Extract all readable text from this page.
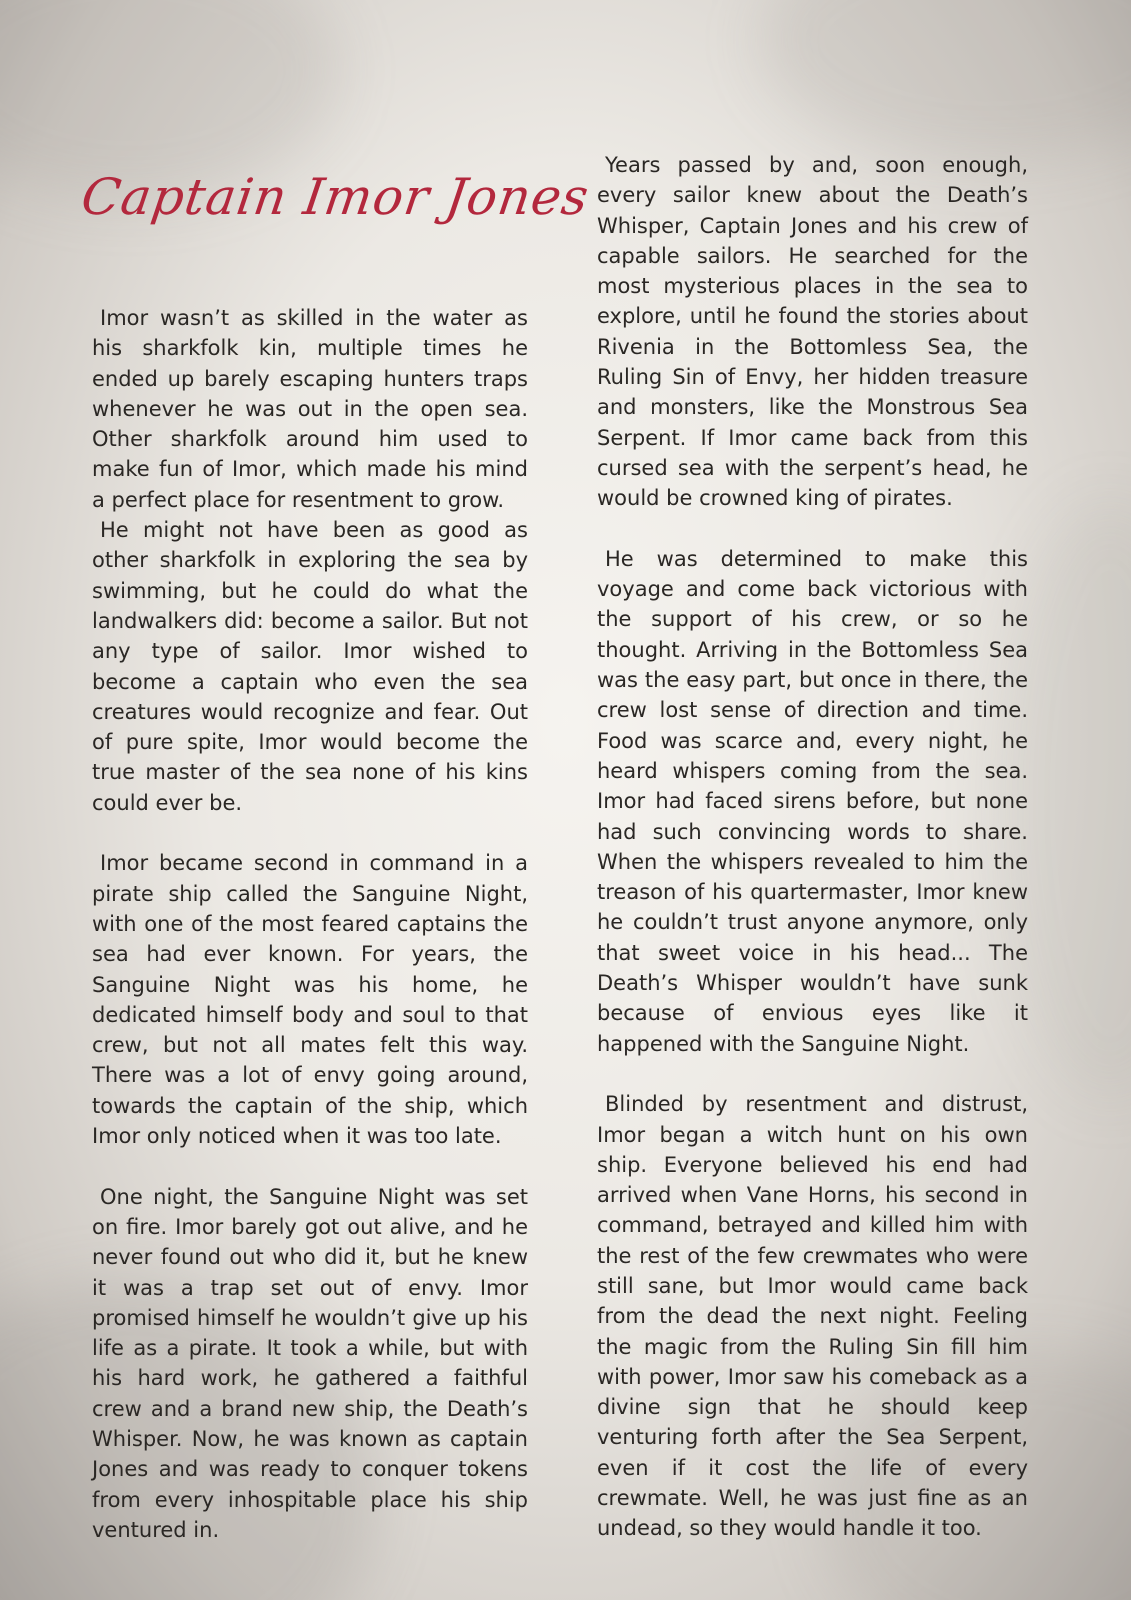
Captain Imor Jones

Imor wasn’t as skilled in the water as his sharkfolk kin, multiple times he ended up barely escaping hunters traps whenever he was out in the open sea. Other sharkfolk around him used to make fun of Imor, which made his mind a perfect place for resentment to grow.

He might not have been as good as other sharkfolk in exploring the sea by swimming, but he could do what the landwalkers did: become a sailor. But not any type of sailor. Imor wished to become a captain who even the sea creatures would recognize and fear. Out of pure spite, Imor would become the true master of the sea none of his kins could ever be.

Imor became second in command in a pirate ship called the Sanguine Night, with one of the most feared captains the sea had ever known. For years, the Sanguine Night was his home, he dedicated himself body and soul to that crew, but not all mates felt this way. There was a lot of envy going around, towards the captain of the ship, which Imor only noticed when it was too late.

One night, the Sanguine Night was set on fire. Imor barely got out alive, and he never found out who did it, but he knew it was a trap set out of envy. Imor promised himself he wouldn’t give up his life as a pirate. It took a while, but with his hard work, he gathered a faithful crew and a brand new ship, the Death’s Whisper. Now, he was known as captain Jones and was ready to conquer tokens from every inhospitable place his ship ventured in.

Years passed by and, soon enough, every sailor knew about the Death’s Whisper, Captain Jones and his crew of capable sailors. He searched for the most mysterious places in the sea to explore, until he found the stories about Rivenia in the Bottomless Sea, the Ruling Sin of Envy, her hidden treasure and monsters, like the Monstrous Sea Serpent. If Imor came back from this cursed sea with the serpent’s head, he would be crowned king of pirates.

He was determined to make this voyage and come back victorious with the support of his crew, or so he thought. Arriving in the Bottomless Sea was the easy part, but once in there, the crew lost sense of direction and time. Food was scarce and, every night, he heard whispers coming from the sea. Imor had faced sirens before, but none had such convincing words to share. When the whispers revealed to him the treason of his quartermaster, Imor knew he couldn’t trust anyone anymore, only that sweet voice in his head... The Death’s Whisper wouldn’t have sunk because of envious eyes like it happened with the Sanguine Night.

Blinded by resentment and distrust, Imor began a witch hunt on his own ship. Everyone believed his end had arrived when Vane Horns, his second in command, betrayed and killed him with the rest of the few crewmates who were still sane, but Imor would came back from the dead the next night. Feeling the magic from the Ruling Sin fill him with power, Imor saw his comeback as a divine sign that he should keep venturing forth after the Sea Serpent, even if it cost the life of every crewmate. Well, he was just fine as an undead, so they would handle it too.
